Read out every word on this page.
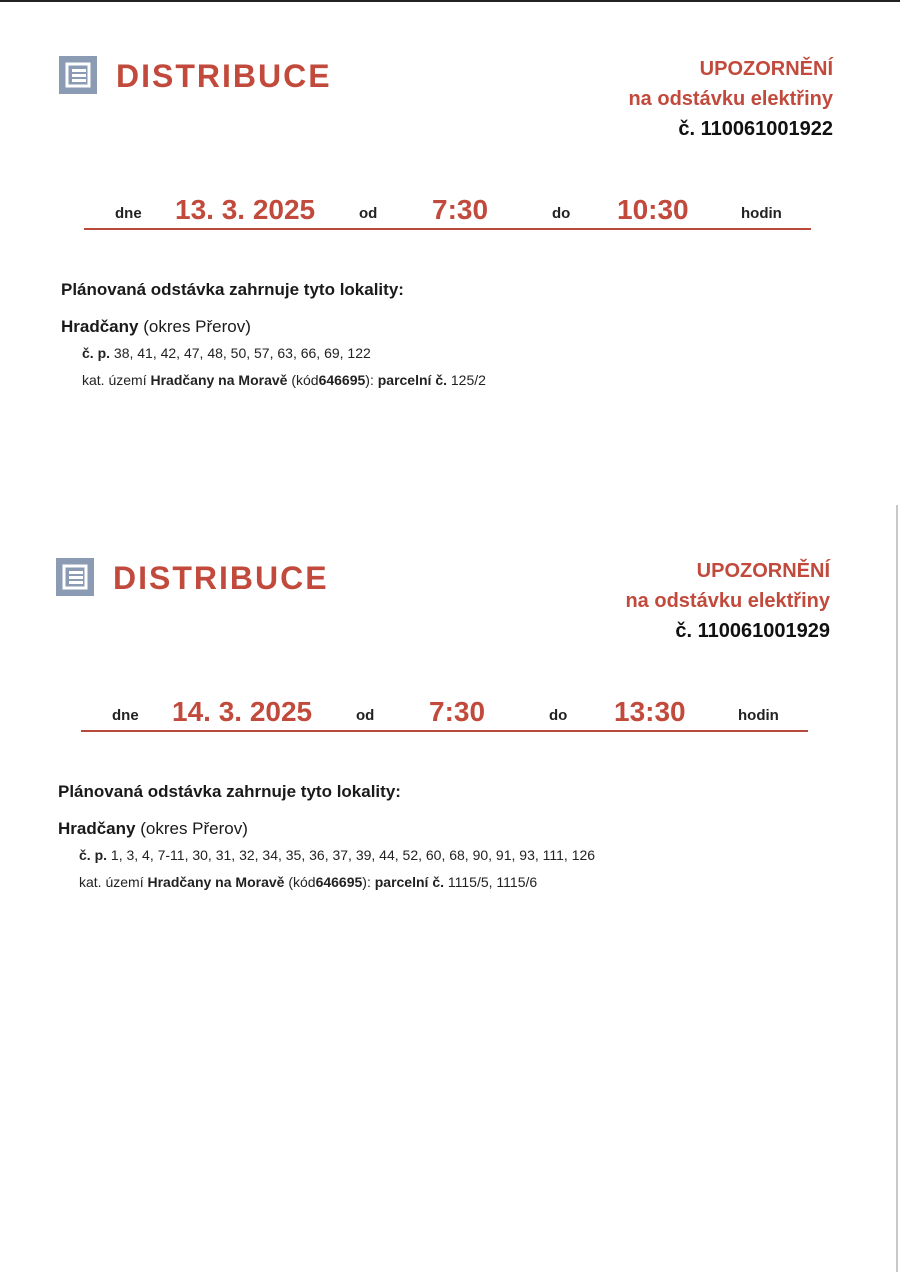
DISTRIBUCE	UPOZORNĚNÍ
na odstávku elektřiny
č. 110061001922
dne 13. 3. 2025	od 7:30	do 10:30	hodin
Plánovaná odstávka zahrnuje tyto lokality:
Hradčany (okres Přerov)
č. p. 38, 41, 42, 47, 48, 50, 57, 63, 66, 69, 122
kat. území Hradčany na Moravě (kód646695): parcelní č. 125/2
DISTRIBUCE	UPOZORNĚNÍ
na odstávku elektřiny
č. 110061001929
dne 14. 3. 2025	od 7:30	do 13:30	hodin
Plánovaná odstávka zahrnuje tyto lokality:
Hradčany (okres Přerov)
č. p. 1, 3, 4, 7-11, 30, 31, 32, 34, 35, 36, 37, 39, 44, 52, 60, 68, 90, 91, 93, 111, 126
kat. území Hradčany na Moravě (kód646695): parcelní č. 1115/5, 1115/6
